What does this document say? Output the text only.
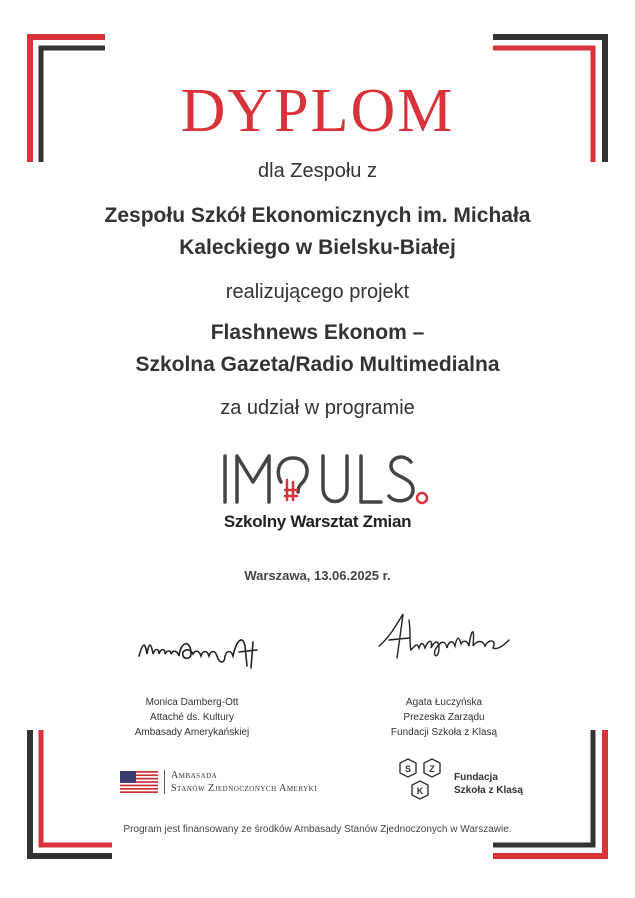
DYPLOM
dla Zespołu z
Zespołu Szkół Ekonomicznych im. Michała
Kaleckiego w Bielsku-Białej
realizującego projekt
Flashnews Ekonom –
Szkolna Gazeta/Radio Multimedialna
za udział w programie
Szkolny Warsztat Zmian
Warszawa, 13.06.2025 r.
Monica Damberg-Ott
Attaché ds. Kultury
Ambasady Amerykańskiej
Agata Łuczyńska
Prezeska Zarządu
Fundacji Szkoła z Klasą
Ambasada
Stanów Zjednoczonych Ameryki
S Z
K
Fundacja
Szkoła z Klasą
Program jest finansowany ze środków Ambasady Stanów Zjednoczonych w Warszawie.
